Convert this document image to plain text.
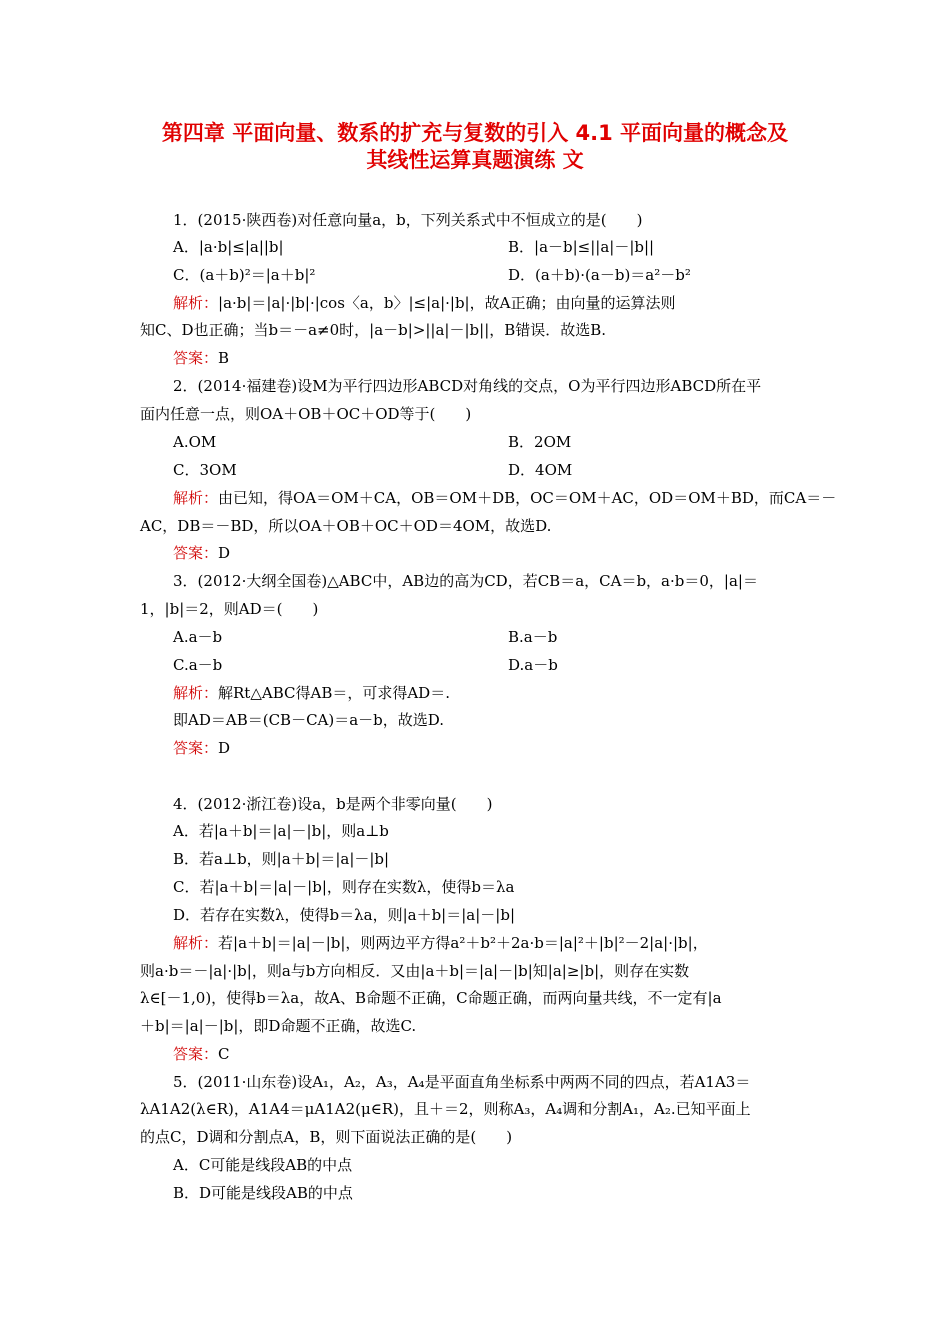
第四章 平面向量、数系的扩充与复数的引入 4.1 平面向量的概念及
其线性运算真题演练 文
1．(2015·陕西卷)对任意向量a，b，下列关系式中不恒成立的是(　　)
A．|a·b|≤|a||b|	B．|a－b|≤||a|－|b||
C．(a＋b)²＝|a＋b|²	D．(a＋b)·(a－b)＝a²－b²
解析：|a·b|＝|a|·|b|·|cos〈a，b〉|≤|a|·|b|，故A正确；由向量的运算法则
知C、D也正确；当b＝－a≠0时，|a－b|>||a|－|b||，B错误．故选B.
答案：B
2．(2014·福建卷)设M为平行四边形ABCD对角线的交点，O为平行四边形ABCD所在平
面内任意一点，则OA＋OB＋OC＋OD等于(　　)
A.OM	B．2OM
C．3OM	D．4OM
解析：由已知，得OA＝OM＋CA，OB＝OM＋DB，OC＝OM＋AC，OD＝OM＋BD，而CA＝－
AC，DB＝－BD，所以OA＋OB＋OC＋OD＝4OM，故选D.
答案：D
3．(2012·大纲全国卷)△ABC中，AB边的高为CD，若CB＝a，CA＝b，a·b＝0，|a|＝
1，|b|＝2，则AD＝(　　)
A.a－b	B.a－b
C.a－b	D.a－b
解析：解Rt△ABC得AB＝，可求得AD＝.
即AD＝AB＝(CB－CA)＝a－b，故选D.
答案：D
4．(2012·浙江卷)设a，b是两个非零向量(　　)
A．若|a＋b|＝|a|－|b|，则a⊥b
B．若a⊥b，则|a＋b|＝|a|－|b|
C．若|a＋b|＝|a|－|b|，则存在实数λ，使得b＝λa
D．若存在实数λ，使得b＝λa，则|a＋b|＝|a|－|b|
解析：若|a＋b|＝|a|－|b|，则两边平方得a²＋b²＋2a·b＝|a|²＋|b|²－2|a|·|b|，
则a·b＝－|a|·|b|，则a与b方向相反．又由|a＋b|＝|a|－|b|知|a|≥|b|，则存在实数
λ∈[－1,0)，使得b＝λa，故A、B命题不正确，C命题正确，而两向量共线，不一定有|a
＋b|＝|a|－|b|，即D命题不正确，故选C.
答案：C
5．(2011·山东卷)设A₁，A₂，A₃，A₄是平面直角坐标系中两两不同的四点，若A1A3＝
λA1A2(λ∈R)，A1A4＝μA1A2(μ∈R)，且＋＝2，则称A₃，A₄调和分割A₁，A₂.已知平面上
的点C，D调和分割点A，B，则下面说法正确的是(　　)
A．C可能是线段AB的中点
B．D可能是线段AB的中点
